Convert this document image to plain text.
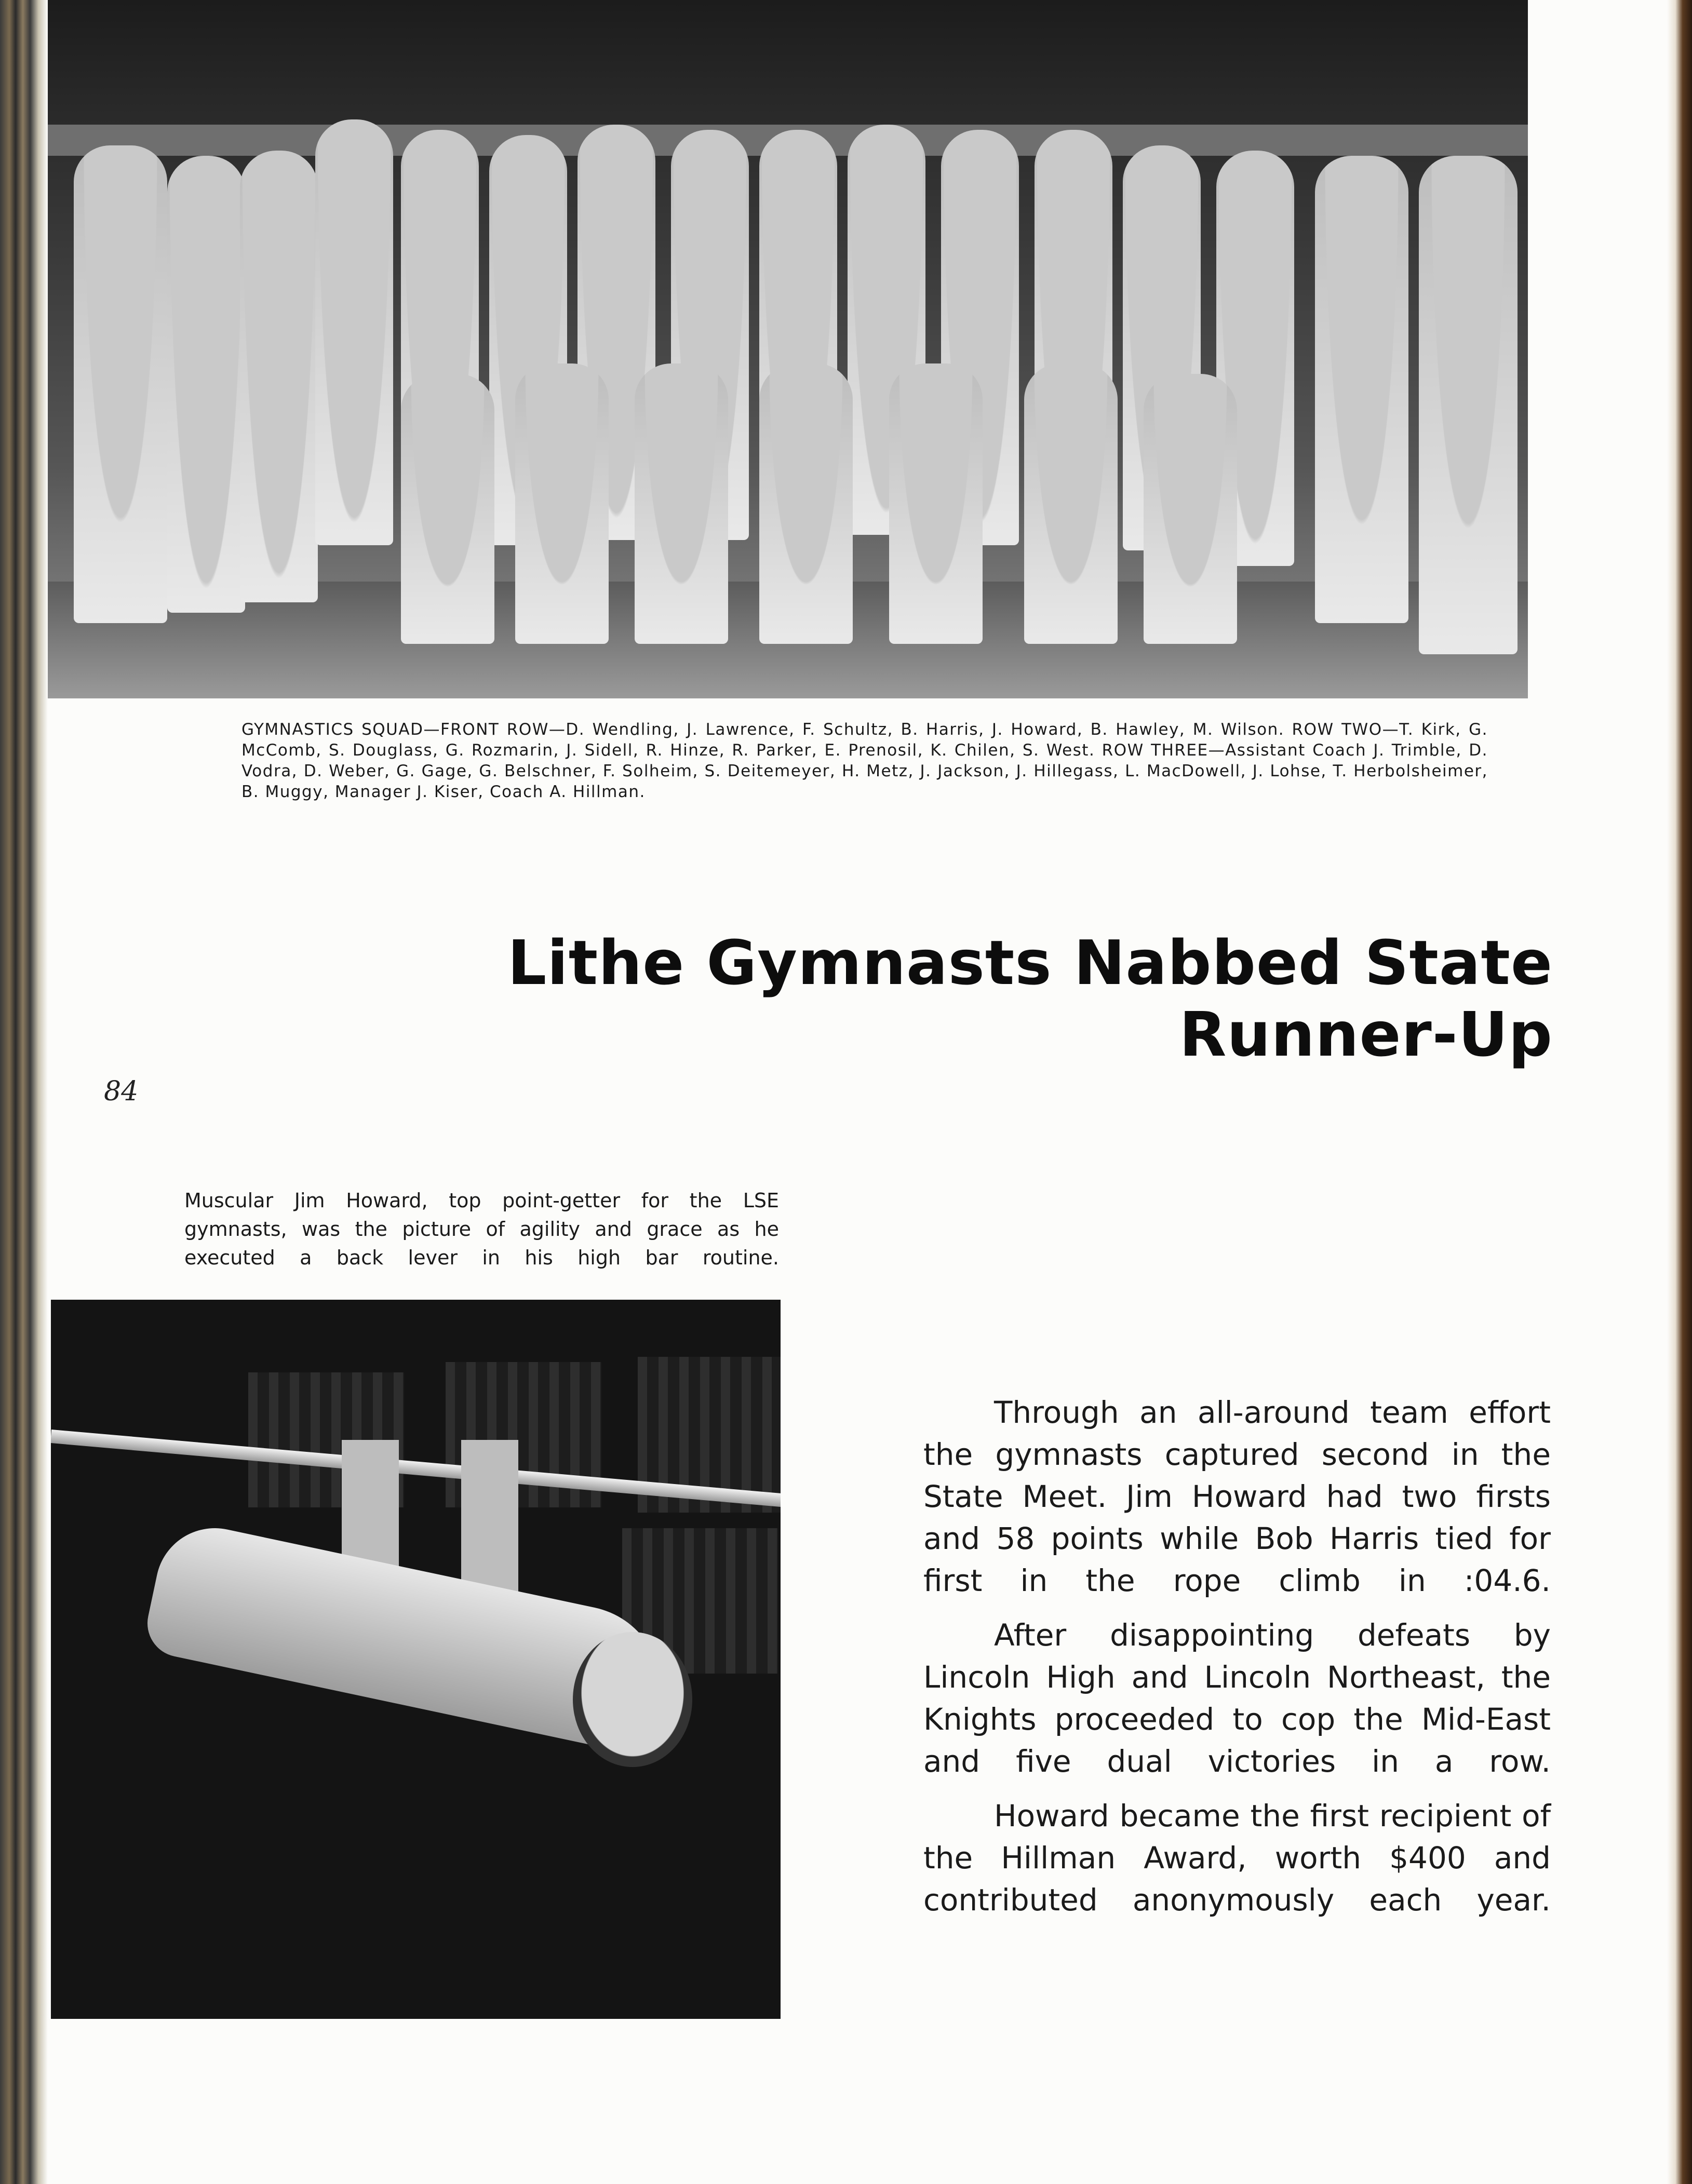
GYMNASTICS SQUAD—FRONT ROW—D. Wendling, J. Lawrence, F. Schultz, B. Harris, J. Howard, B. Hawley, M. Wilson. ROW TWO—T. Kirk, G. McComb, S. Douglass, G. Rozmarin, J. Sidell, R. Hinze, R. Parker, E. Prenosil, K. Chilen, S. West. ROW THREE—Assistant Coach J. Trimble, D. Vodra, D. Weber, G. Gage, G. Belschner, F. Solheim, S. Deitemeyer, H. Metz, J. Jackson, J. Hillegass, L. MacDowell, J. Lohse, T. Herbolsheimer, B. Muggy, Manager J. Kiser, Coach A. Hillman.
Lithe Gymnasts Nabbed State Runner-Up
84
Muscular Jim Howard, top point-getter for the LSE gymnasts, was the picture of agility and grace as he executed a back lever in his high bar routine.

Through an all-around team effort the gymnasts captured second in the State Meet. Jim Howard had two firsts and 58 points while Bob Harris tied for first in the rope climb in :04.6.

After disappointing defeats by Lincoln High and Lincoln Northeast, the Knights proceeded to cop the Mid-East and five dual victories in a row.

Howard became the first recipient of the Hillman Award, worth $400 and contributed anonymously each year.
